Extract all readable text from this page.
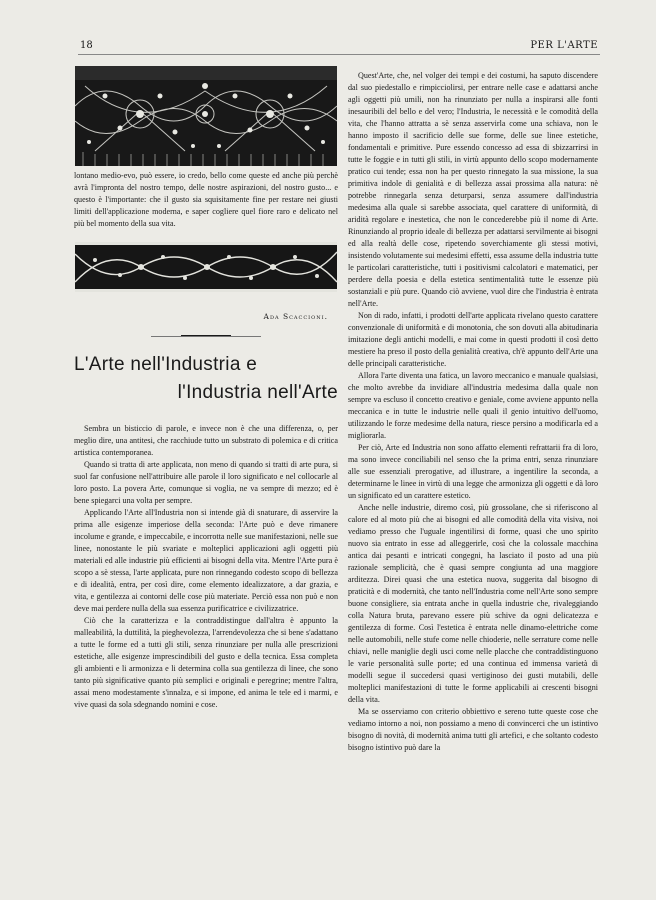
18	PER L'ARTE

lontano medio-evo, può essere, io credo, bello come queste ed anche più perchè avrà l'impronta del nostro tempo, delle nostre aspirazioni, del nostro gusto... e questo è l'importante: che il gusto sia squisitamente fine per restare nei giusti limiti dell'applicazione moderna, e saper cogliere quel fiore raro e delicato nel più bel momento della sua vita.

Ada Scaccioni.
L'Arte nell'Industria e
l'Industria nell'Arte

Sembra un bisticcio di parole, e invece non è che una differenza, o, per meglio dire, una antitesi, che racchiude tutto un substrato di polemica e di critica artistica contemporanea.

Quando si tratta di arte applicata, non meno di quando si tratti di arte pura, si suol far confusione nell'attribuire alle parole il loro significato e nel collocarle al loro posto. La povera Arte, comunque si voglia, ne va sempre di mezzo; ed è bene spiegarci una volta per sempre.

Applicando l'Arte all'Industria non si intende già di snaturare, di asservire la prima alle esigenze imperiose della seconda: l'Arte può e deve rimanere incolume e grande, e impeccabile, e incorrotta nelle sue manifestazioni, nelle sue linee, nonostante le più svariate e molteplici applicazioni agli oggetti più materiali ed alle industrie più efficienti ai bisogni della vita. Mentre l'Arte pura è scopo a sè stessa, l'arte applicata, pure non rinnegando codesto scopo di bellezza e di idealità, entra, per così dire, come elemento idealizzatore, a dar grazia, e vita, e gentilezza ai contorni delle cose più materiate. Perciò essa non può e non deve mai perdere nulla della sua essenza purificatrice e civilizzatrice.

Ciò che la caratterizza e la contraddistingue dall'altra è appunto la malleabilità, la duttilità, la pieghevolezza, l'arrendevolezza che si bene s'adattano a tutte le forme ed a tutti gli stili, senza rinunziare per nulla alle prescrizioni estetiche, alle esigenze imprescindibili del gusto e della tecnica. Essa completa gli ambienti e li armonizza e li determina colla sua gentilezza di linee, che sono tanto più significative quanto più semplici e originali e peregrine; mentre l'altra, assai meno modestamente s'innalza, e si impone, ed anima le tele ed i marmi, e vive quasi da sola sdegnando nomini e cose.

Quest'Arte, che, nel volger dei tempi e dei costumi, ha saputo discendere dal suo piedestallo e rimpicciolirsi, per entrare nelle case e adattarsi anche agli oggetti più umili, non ha rinunziato per nulla a inspirarsi alle fonti inesauribili del bello e del vero; l'Industria, le necessità e le comodità della vita, che l'hanno attratta a sè senza asservirla come una schiava, non le hanno imposto il sacrificio delle sue forme, delle sue linee estetiche, fondamentali e primitive. Pure essendo concesso ad essa di sbizzarrirsi in tutte le foggie e in tutti gli stili, in virtù appunto dello scopo modernamente pratico cui tende; essa non ha per questo rinnegato la sua missione, la sua primitiva indole di genialità e di bellezza assai prossima alla natura: nè potrebbe rinnegarla senza deturparsi, senza assumere dall'industria medesima alla quale si sarebbe associata, quel carattere di uniformità, di aridità regolare e inestetica, che non le concederebbe più il nome di Arte. Rinunziando al proprio ideale di bellezza per adattarsi servilmente ai bisogni ed alla realtà delle cose, ripetendo soverchiamente gli stessi motivi, insistendo volutamente sui medesimi effetti, essa assume della industria tutte le particolari caratteristiche, tutti i positivismi calcolatori e matematici, per perdere della poesia e della estetica sentimentalità tutte le essenze più sostanziali e più pure. Quando ciò avviene, vuol dire che l'industria è entrata nell'Arte.

Non di rado, infatti, i prodotti dell'arte applicata rivelano questo carattere convenzionale di uniformità e di monotonia, che son dovuti alla abitudinaria imitazione degli antichi modelli, e mai come in questi prodotti il così detto mestiere ha preso il posto della genialità creativa, ch'è appunto dell'Arte una delle principali caratteristiche.

Allora l'arte diventa una fatica, un lavoro meccanico e manuale qualsiasi, che molto avrebbe da invidiare all'industria medesima dalla quale non sempre va escluso il concetto creativo e geniale, come avviene appunto nella meccanica e in tutte le industrie nelle quali il genio intuitivo dell'uomo, utilizzando le forze medesime della natura, riesce persino a modificarla ed a migliorarla.

Per ciò, Arte ed Industria non sono affatto elementi refrattarii fra di loro, ma sono invece conciliabili nel senso che la prima entri, senza rinunziare alle sue essenziali prerogative, ad illustrare, a ingentilire la seconda, a determinarne le linee in virtù di una legge che armonizza gli oggetti e dà loro un significato ed un carattere estetico.

Anche nelle industrie, diremo così, più grossolane, che si riferiscono al calore ed al moto più che ai bisogni ed alle comodità della vita visiva, noi vediamo presso che l'uguale ingentilirsi di forme, quasi che uno spirito nuovo sia entrato in esse ad alleggerirle, così che la colossale macchina antica dai pesanti e intricati congegni, ha lasciato il posto ad una più razionale semplicità, che è quasi sempre congiunta ad una maggiore arditezza. Direi quasi che una estetica nuova, suggerita dal bisogno di praticità e di modernità, che tanto nell'Industria come nell'Arte sono sempre buone consigliere, sia entrata anche in quella industrie che, rivaleggiando colla Natura bruta, parevano essere più schive da ogni delicatezza e gentilezza di forme. Così l'estetica è entrata nelle dinamo-elettriche come nelle automobili, nelle stufe come nelle chioderie, nelle serrature come nelle chiavi, nelle maniglie degli usci come nelle placche che contraddistinguono le varie personalità sulle porte; ed una continua ed immensa varietà di modelli segue il succedersi quasi vertiginoso dei gusti mutabili, delle molteplici manifestazioni di tutte le forme applicabili ai crescenti bisogni della vita.

Ma se osserviamo con criterio obbiettivo e sereno tutte queste cose che vediamo intorno a noi, non possiamo a meno di convincerci che un istintivo bisogno di novità, di modernità anima tutti gli artefici, e che soltanto codesto bisogno istintivo può dare la
